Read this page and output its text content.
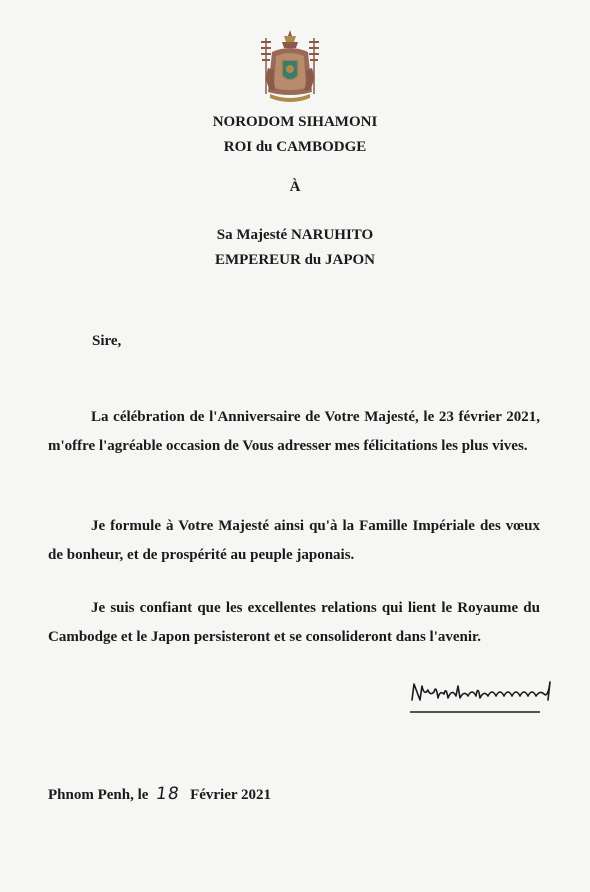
NORODOM SIHAMONI
ROI du CAMBODGE
À
Sa Majesté NARUHITO
EMPEREUR du JAPON
Sire,
La célébration de l'Anniversaire de Votre Majesté, le 23 février 2021, m'offre l'agréable occasion de Vous adresser mes félicitations les plus vives.
Je formule à Votre Majesté ainsi qu'à la Famille Impériale des vœux de bonheur, et de prospérité au peuple japonais.
Je suis confiant que les excellentes relations qui lient le Royaume du Cambodge et le Japon persisteront et se consolideront dans l'avenir.
Phnom Penh, le 18 Février 2021
